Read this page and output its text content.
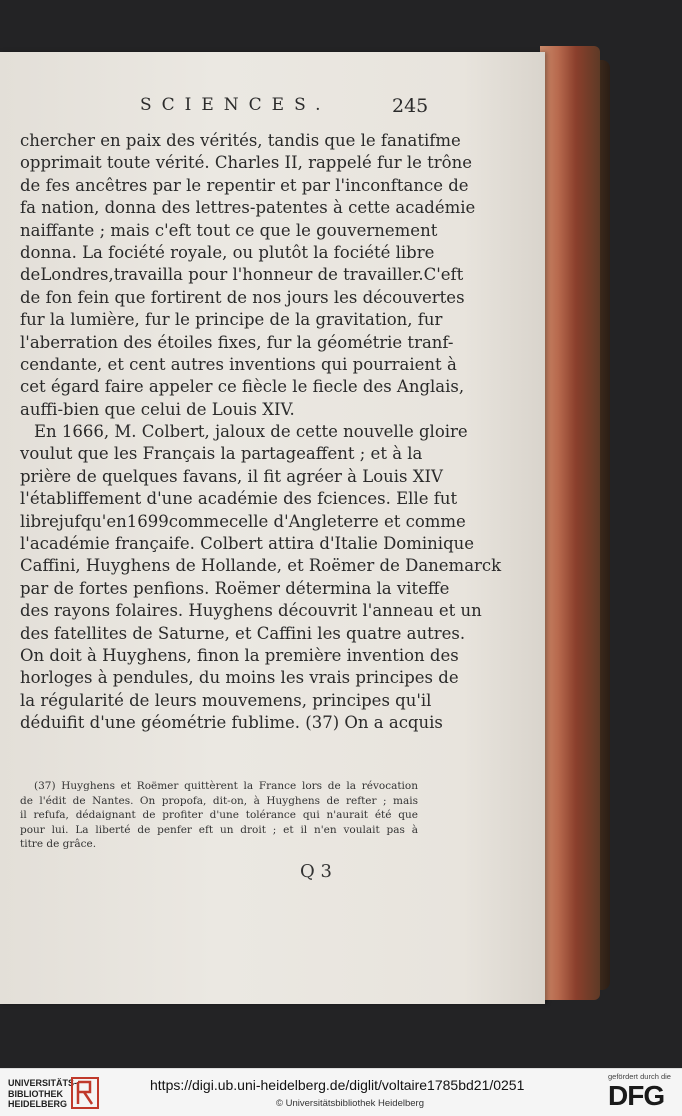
SCIENCES.	245
chercher en paix des vérités, tandis que le fanatifme
opprimait toute vérité. Charles II, rappelé fur le trône
de fes ancêtres par le repentir et par l'inconftance de
fa nation, donna des lettres-patentes à cette académie
naiffante ; mais c'eft tout ce que le gouvernement
donna. La fociété royale, ou plutôt la fociété libre
deLondres,travailla pour l'honneur de travailler.C'eft
de fon fein que fortirent de nos jours les découvertes
fur la lumière, fur le principe de la gravitation, fur
l'aberration des étoiles fixes, fur la géométrie tranf-
cendante, et cent autres inventions qui pourraient à
cet égard faire appeler ce fiècle le fiecle des Anglais,
auffi-bien que celui de Louis XIV.
En 1666, M. Colbert, jaloux de cette nouvelle gloire
voulut que les Français la partageaffent ; et à la
prière de quelques favans, il fit agréer à Louis XIV
l'établiffement d'une académie des fciences. Elle fut
librejufqu'en1699commecelle d'Angleterre et comme
l'académie françaife. Colbert attira d'Italie Dominique
Caffini, Huyghens de Hollande, et Roëmer de Danemarck
par de fortes penfions. Roëmer détermina la viteffe
des rayons folaires. Huyghens découvrit l'anneau et un
des fatellites de Saturne, et Caffini les quatre autres.
On doit à Huyghens, finon la première invention des
horloges à pendules, du moins les vrais principes de
la régularité de leurs mouvemens, principes qu'il
déduifit d'une géométrie fublime. (37) On a acquis
(37) Huyghens et Roëmer quittèrent la France lors de la révocation
de l'édit de Nantes. On propofa, dit-on, à Huyghens de refter ; mais
il refufa, dédaignant de profiter d'une tolérance qui n'aurait été que
pour lui. La liberté de penfer eft un droit ; et il n'en voulait pas à
titre de grâce.
Q 3
UNIVERSITÄTS-
BIBLIOTHEK
HEIDELBERG
https://digi.ub.uni-heidelberg.de/diglit/voltaire1785bd21/0251
© Universitätsbibliothek Heidelberg
gefördert durch die
DFG
